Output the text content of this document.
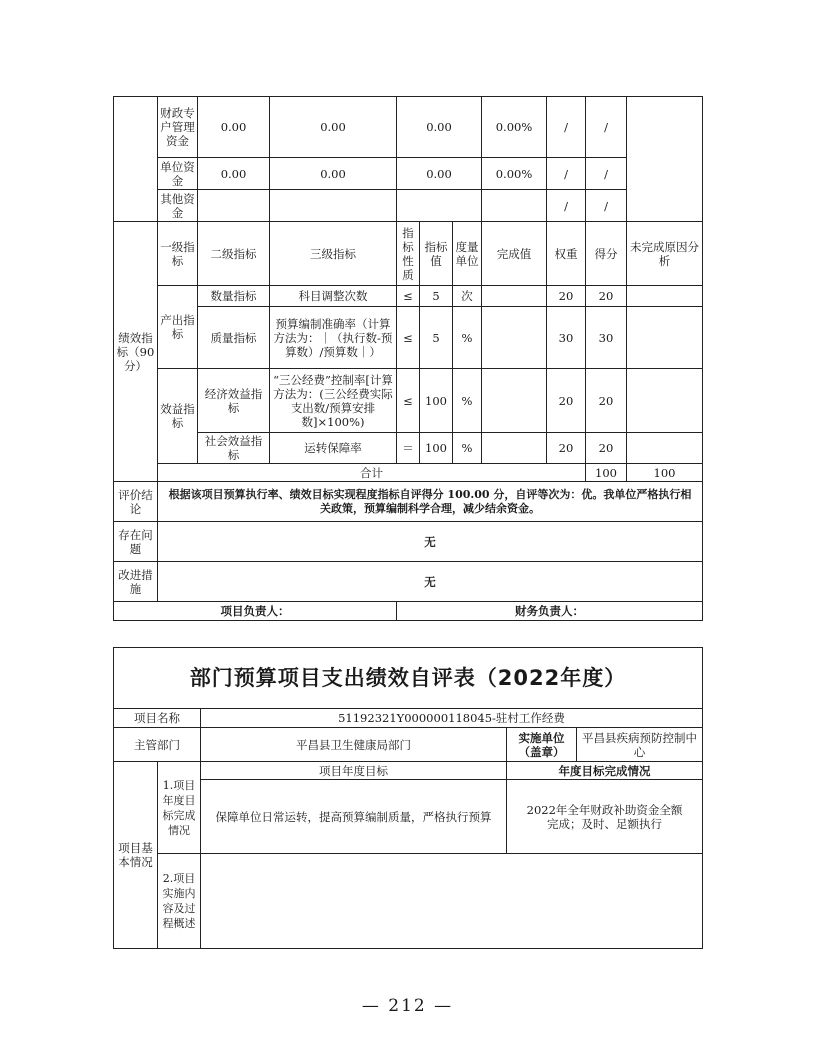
	财政专户管理资金	0.00	0.00	0.00			0.00%	/	/		
	单位资金	0.00	0.00	0.00			0.00%	/	/		
	其他资金							/	/		
绩效指标（90分）	一级指标	二级指标	三级指标	指标性质	指标值	度量单位	完成值	权重	得分	未完成原因分析	
	产出指标	数量指标	科目调整次数	≤	5	次		20	20		
		质量指标	预算编制准确率（计算方法为：｜（执行数-预算数）/预算数｜）	≤	5	%		30	30		
	效益指标	经济效益指标	“三公经费”控制率[计算方法为：(三公经费实际支出数/预算安排数]×100%)	≤	100	%		20	20		
		社会效益指标	运转保障率	＝	100	%		20	20		
	合计								100	100	
评价结论	根据该项目预算执行率、绩效目标实现程度指标自评得分 100.00 分，自评等次为：优。我单位严格执行相关政策，预算编制科学合理，减少结余资金。										
存在问题	无										
改进措施	无										
项目负责人：				财务负责人：							
部门预算项目支出绩效自评表（2022年度）				
项目名称		51192321Y000000118045-驻村工作经费		
主管部门		平昌县卫生健康局部门	实施单位（盖章）	平昌县疾病预防控制中心
项目基本情况	1.项目年度目标完成情况	项目年度目标	年度目标完成情况	
		保障单位日常运转，提高预算编制质量，严格执行预算	2022年全年财政补助资金全额完成；及时、足额执行	
	2.项目实施内容及过程概述			
— 212 —
